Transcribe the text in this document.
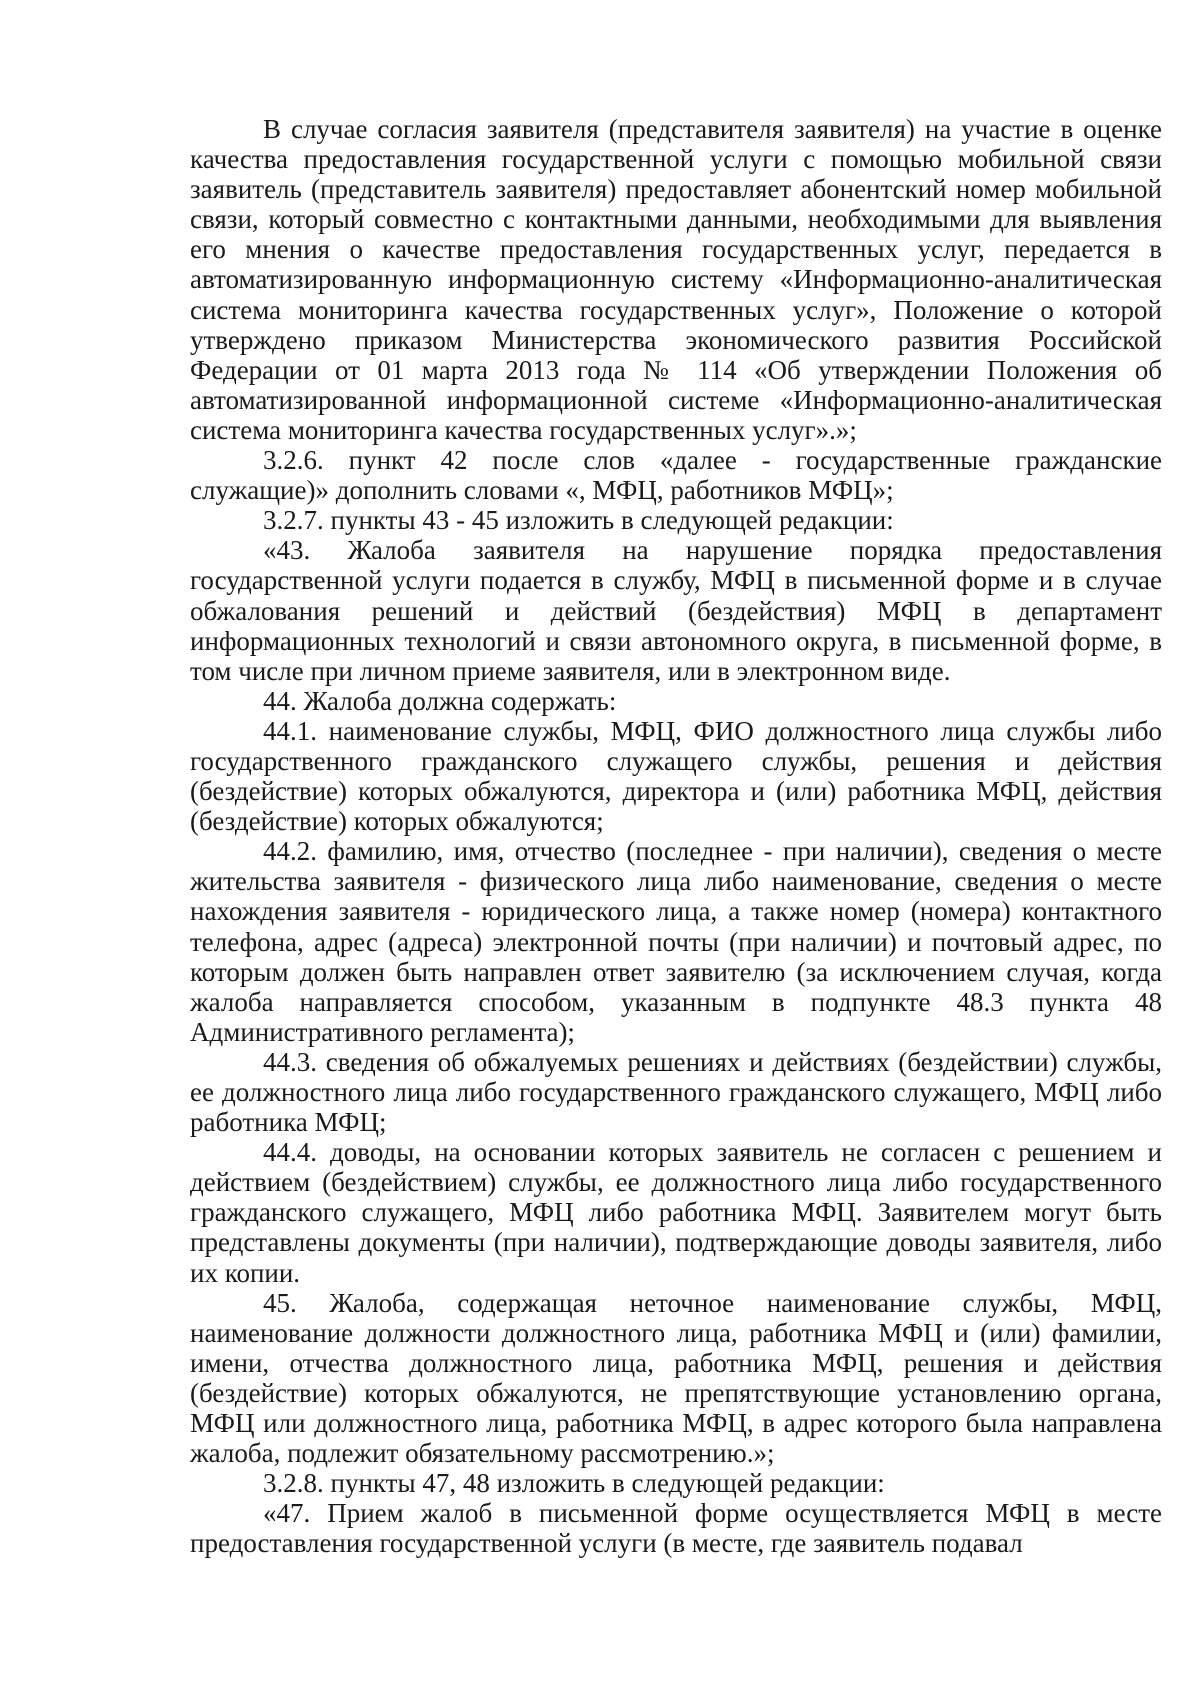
В случае согласия заявителя (представителя заявителя) на участие в оценке качества предоставления государственной услуги с помощью мобильной связи заявитель (представитель заявителя) предоставляет абонентский номер мобильной связи, который совместно с контактными данными, необходимыми для выявления его мнения о качестве предоставления государственных услуг, передается в автоматизированную информационную систему «Информационно-аналитическая система мониторинга качества государственных услуг», Положение о которой утверждено приказом Министерства экономического развития Российской Федерации от 01 марта 2013 года № 114 «Об утверждении Положения об автоматизированной информационной системе «Информационно-аналитическая система мониторинга качества государственных услуг».»;

3.2.6. пункт 42 после слов «далее - государственные гражданские служащие)» дополнить словами «, МФЦ, работников МФЦ»;

3.2.7. пункты 43 - 45 изложить в следующей редакции:

«43. Жалоба заявителя на нарушение порядка предоставления государственной услуги подается в службу, МФЦ в письменной форме и в случае обжалования решений и действий (бездействия) МФЦ в департамент информационных технологий и связи автономного округа, в письменной форме, в том числе при личном приеме заявителя, или в электронном виде.

44. Жалоба должна содержать:

44.1. наименование службы, МФЦ, ФИО должностного лица службы либо государственного гражданского служащего службы, решения и действия (бездействие) которых обжалуются, директора и (или) работника МФЦ, действия (бездействие) которых обжалуются;

44.2. фамилию, имя, отчество (последнее - при наличии), сведения о месте жительства заявителя - физического лица либо наименование, сведения о месте нахождения заявителя - юридического лица, а также номер (номера) контактного телефона, адрес (адреса) электронной почты (при наличии) и почтовый адрес, по которым должен быть направлен ответ заявителю (за исключением случая, когда жалоба направляется способом, указанным в подпункте 48.3 пункта 48 Административного регламента);

44.3. сведения об обжалуемых решениях и действиях (бездействии) службы, ее должностного лица либо государственного гражданского служащего, МФЦ либо работника МФЦ;

44.4. доводы, на основании которых заявитель не согласен с решением и действием (бездействием) службы, ее должностного лица либо государственного гражданского служащего, МФЦ либо работника МФЦ. Заявителем могут быть представлены документы (при наличии), подтверждающие доводы заявителя, либо их копии.

45. Жалоба, содержащая неточное наименование службы, МФЦ, наименование должности должностного лица, работника МФЦ и (или) фамилии, имени, отчества должностного лица, работника МФЦ, решения и действия (бездействие) которых обжалуются, не препятствующие установлению органа, МФЦ или должностного лица, работника МФЦ, в адрес которого была направлена жалоба, подлежит обязательному рассмотрению.»;

3.2.8. пункты 47, 48 изложить в следующей редакции:

«47. Прием жалоб в письменной форме осуществляется МФЦ в месте предоставления государственной услуги (в месте, где заявитель подавал
